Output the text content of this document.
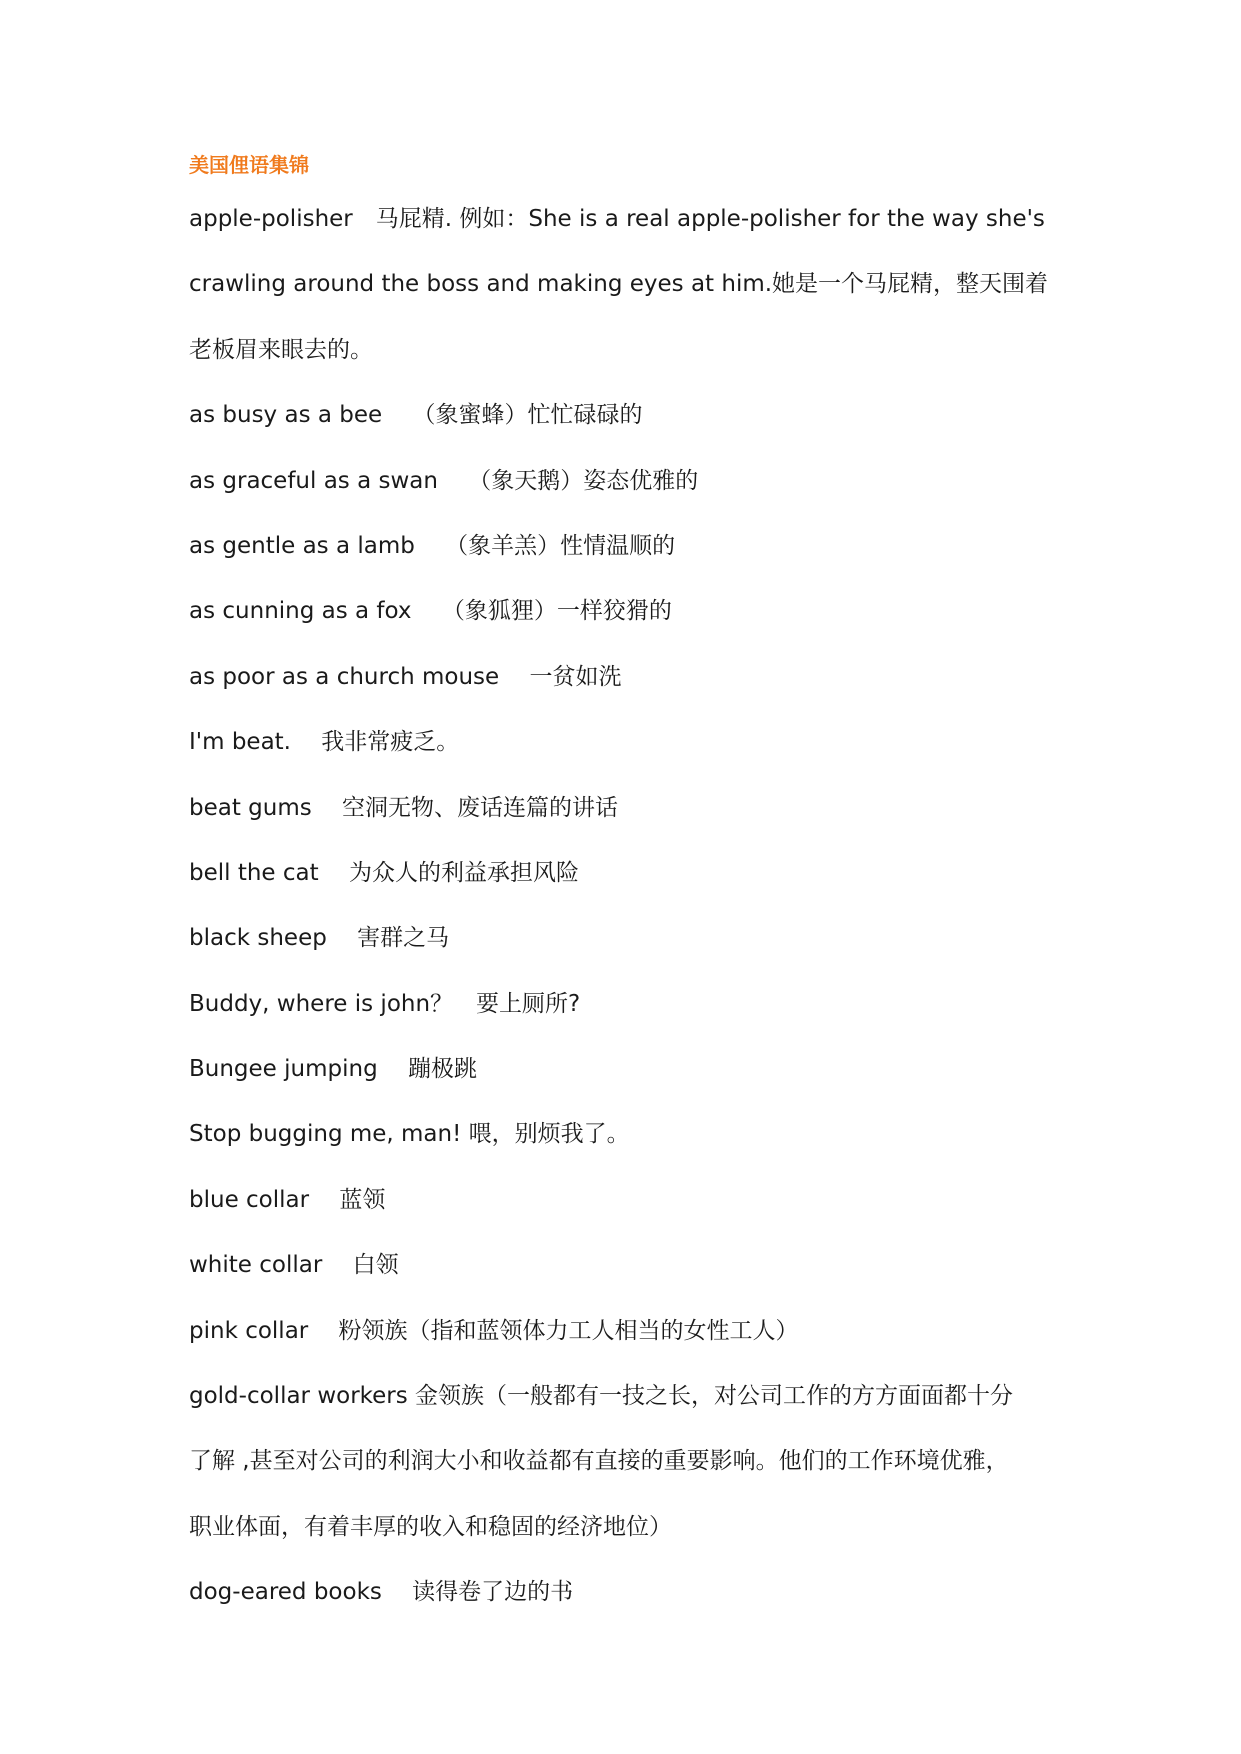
美国俚语集锦
apple-polisher　马屁精. 例如：She is a real apple-polisher for the way she's
crawling around the boss and making eyes at him.她是一个马屁精，整天围着
老板眉来眼去的。
as busy as a bee　 （象蜜蜂）忙忙碌碌的
as graceful as a swan　 （象天鹅）姿态优雅的
as gentle as a lamb　 （象羊羔）性情温顺的
as cunning as a fox　 （象狐狸）一样狡猾的
as poor as a church mouse　 一贫如洗
I'm beat.　 我非常疲乏。
beat gums　 空洞无物、废话连篇的讲话
bell the cat　 为众人的利益承担风险
black sheep　 害群之马
Buddy, where is john？　要上厕所?
Bungee jumping　 蹦极跳
Stop bugging me, man! 喂，别烦我了。
blue collar　 蓝领
white collar　 白领
pink collar　 粉领族（指和蓝领体力工人相当的女性工人）
gold-collar workers 金领族（一般都有一技之长，对公司工作的方方面面都十分
了解 ,甚至对公司的利润大小和收益都有直接的重要影响。他们的工作环境优雅，
职业体面，有着丰厚的收入和稳固的经济地位）
dog-eared books　 读得卷了边的书
